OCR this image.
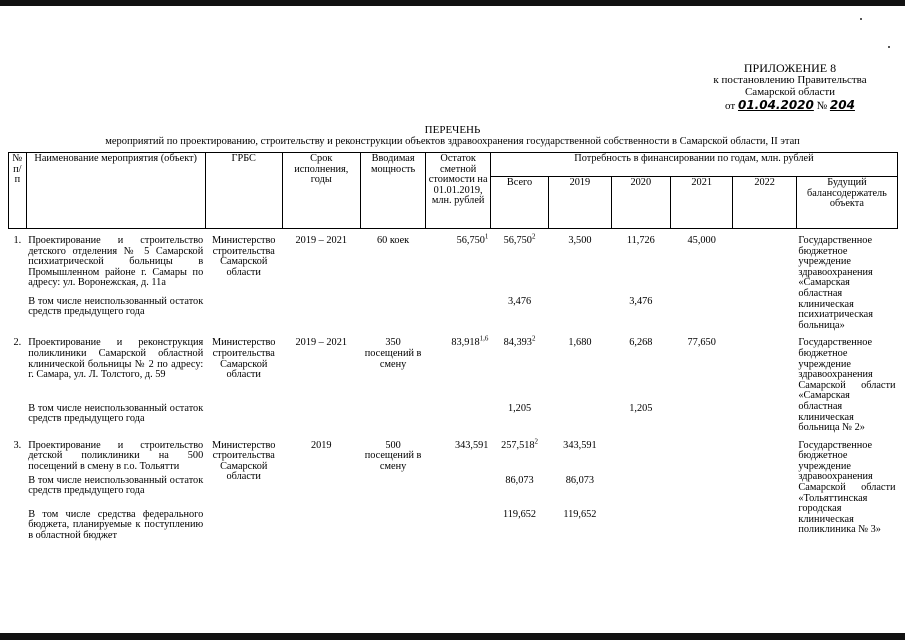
ПРИЛОЖЕНИЕ 8
к постановлению Правительства
Самарской области
от 01.04.2020 № 204
ПЕРЕЧЕНЬ
мероприятий по проектированию, строительству и реконструкции объектов здравоохранения государственной собственности в Самарской области, II этап
№ п/п	Наименование мероприятия (объект)	ГРБС	Срок исполнения, годы	Вводимая мощность	Остаток сметной стоимости на 01.01.2019, млн. рублей	Потребность в финансировании по годам, млн. рублей					
						Всего	2019	2020	2021	2022	Будущий балансодержатель объекта
1.	Проектирование и строительство детского отделения № 5 Самарской психиатрической больницы в Промышленном районе г. Самары по адресу: ул. Воронежская, д. 11а	Министерство строительства Самарской области	2019 – 2021	60 коек	56,750$^1$	56,750$^2$	3,500	11,726	45,000		Государственное бюджетное учреждение здравоохранения «Самарская областная клиническая психиатрическая больница»
	В том числе неиспользованный остаток средств предыдущего года					3,476		3,476			
2.	Проектирование и реконструкция поликлиники Самарской областной клинической больницы № 2 по адресу: г. Самара, ул. Л. Толстого, д. 59	Министерство строительства Самарской области	2019 – 2021	350 посещений в смену	83,918$^{1,6}$	84,393$^2$	1,680	6,268	77,650		Государственное бюджетное учреждение здравоохранения Самарской области «Самарская областная клиническая больница № 2»
	В том числе неиспользованный остаток средств предыдущего года					1,205		1,205			
3.	Проектирование и строительство детской поликлиники на 500 посещений в смену в г.о. Тольятти	Министерство строительства Самарской области	2019	500 посещений в смену	343,591	257,518$^2$	343,591				Государственное бюджетное учреждение здравоохранения Самарской области «Тольяттинская городская клиническая поликлиника № 3»
	В том числе неиспользованный остаток средств предыдущего года					86,073	86,073				
	В том числе средства федерального бюджета, планируемые к поступлению в областной бюджет					119,652	119,652				
